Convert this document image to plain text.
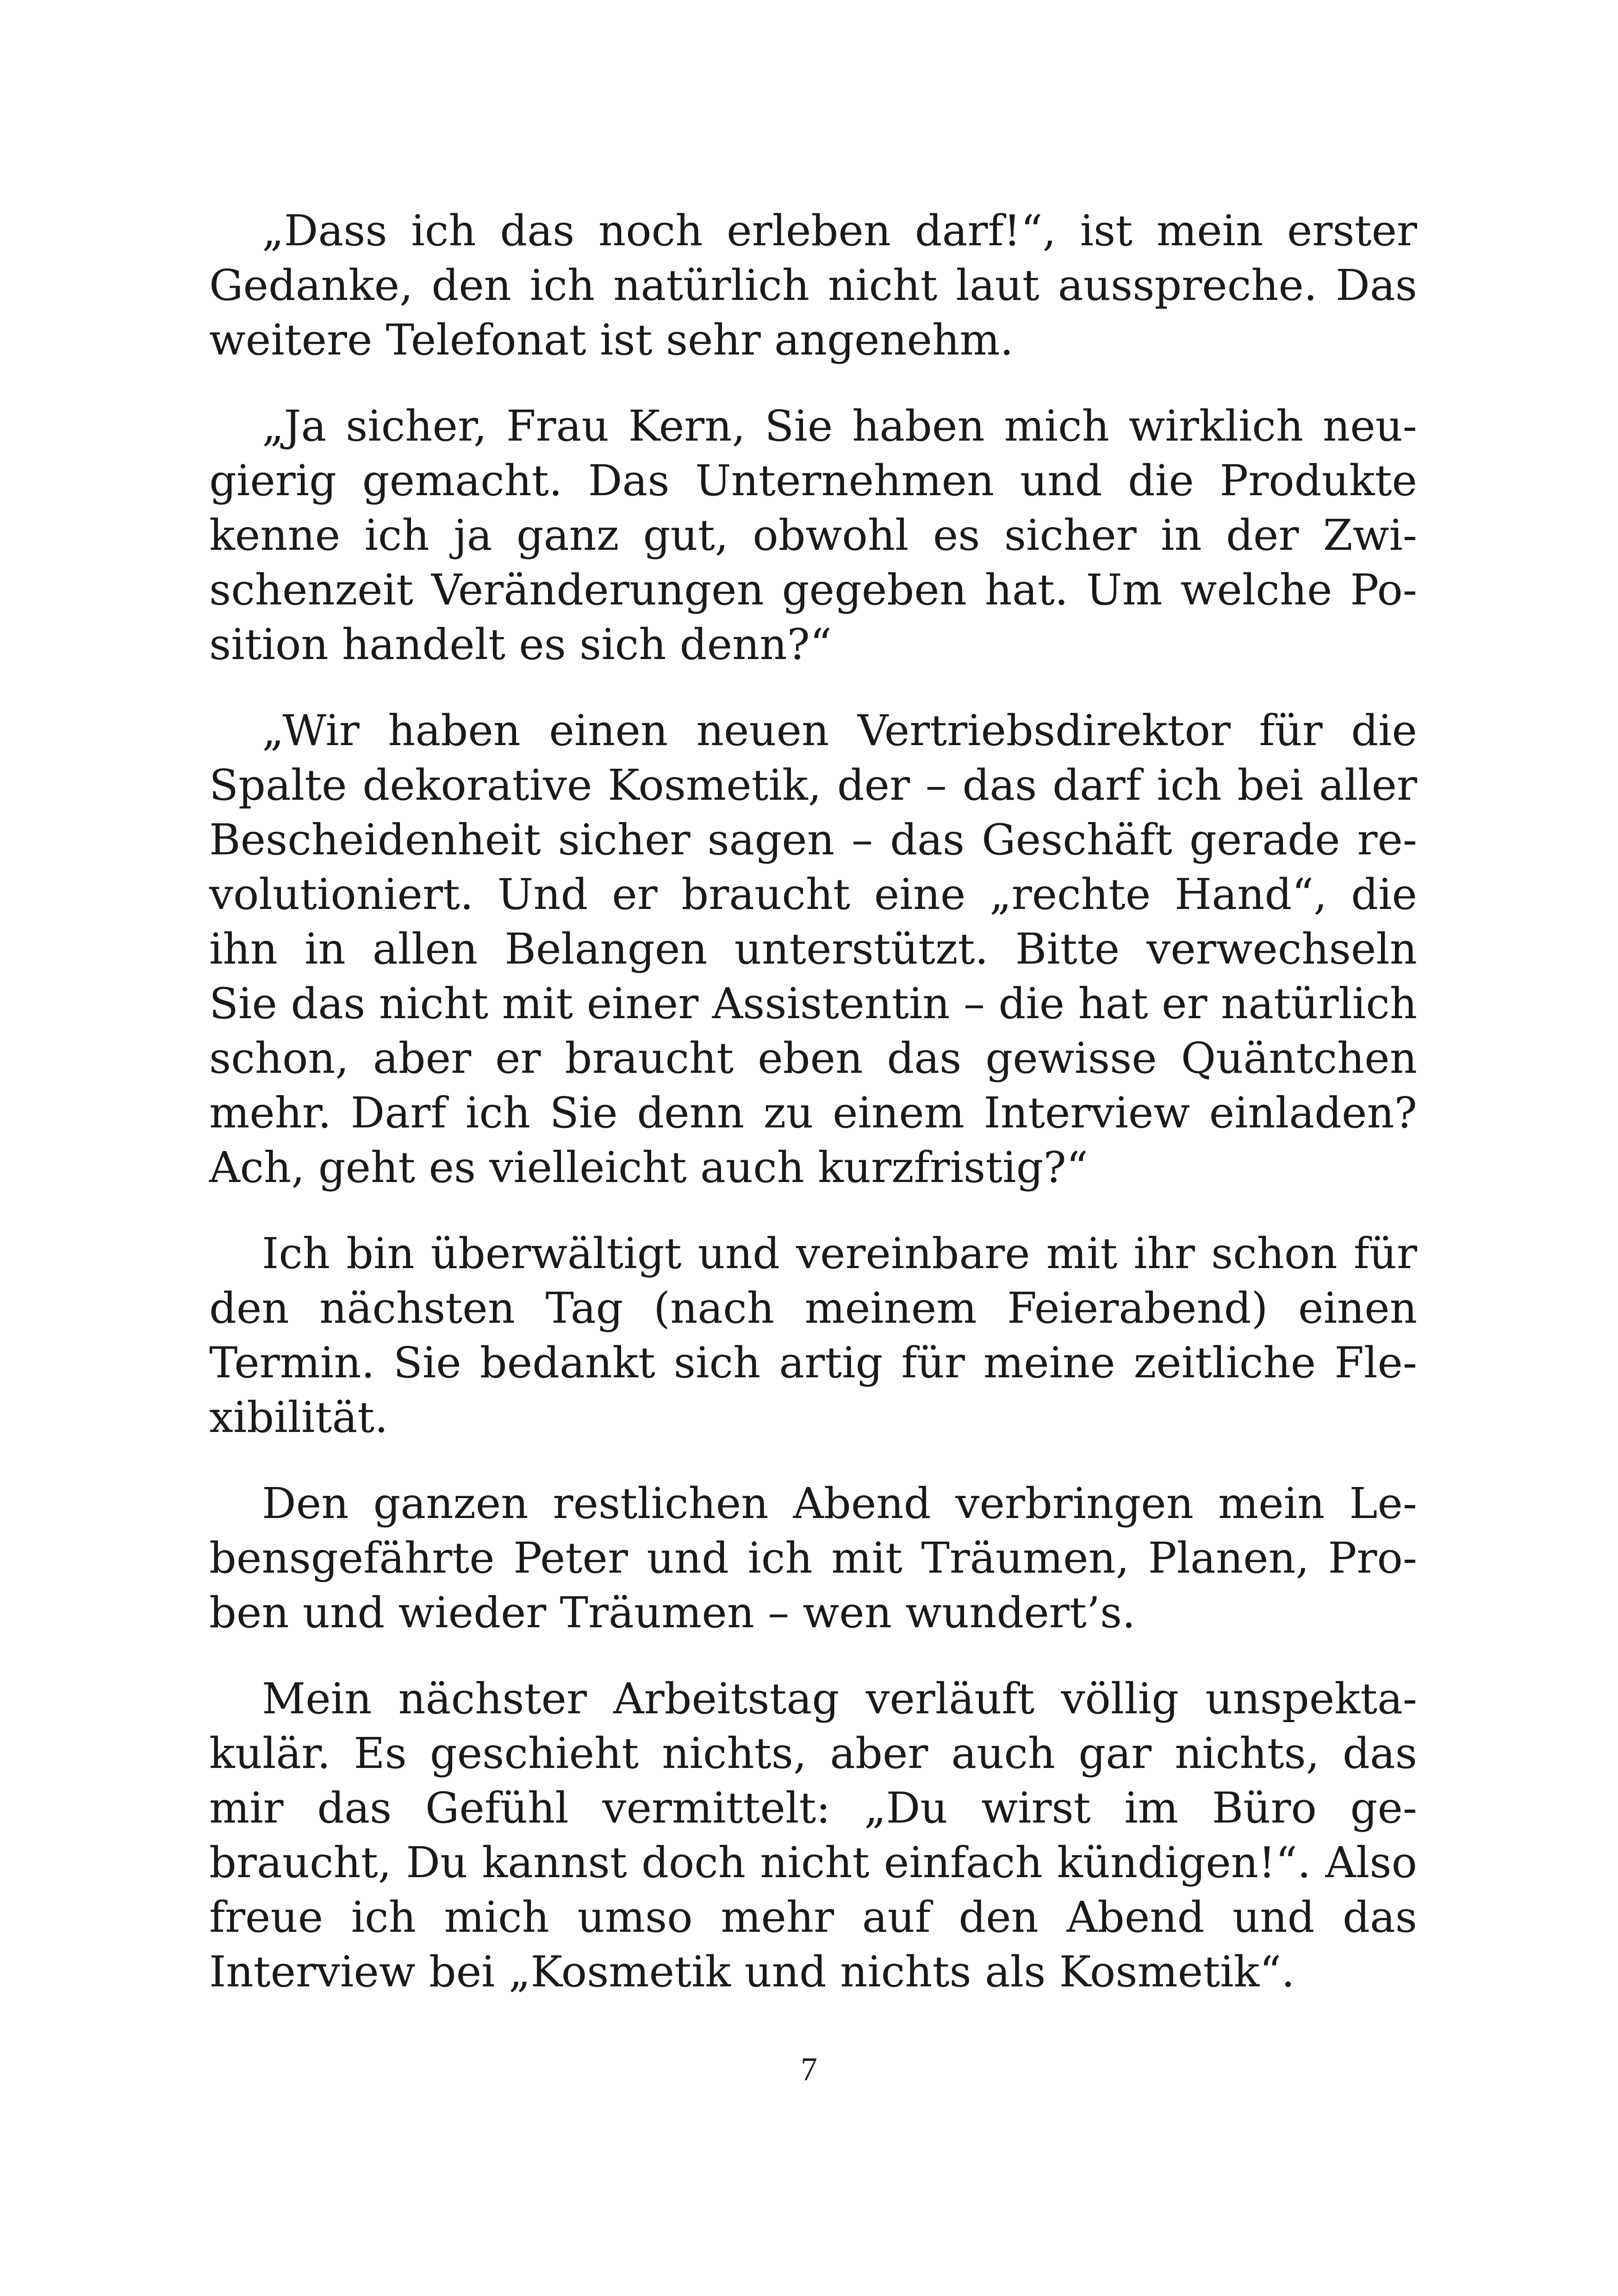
„Dass ich das noch erleben darf!“, ist mein erster Gedanke, den ich natürlich nicht laut ausspreche. Das weitere Telefonat ist sehr angenehm.

„Ja sicher, Frau Kern, Sie haben mich wirklich neugierig gemacht. Das Unternehmen und die Produkte kenne ich ja ganz gut, obwohl es sicher in der Zwischenzeit Veränderungen gegeben hat. Um welche Position handelt es sich denn?“

„Wir haben einen neuen Vertriebsdirektor für die Spalte dekorative Kosmetik, der – das darf ich bei aller Bescheidenheit sicher sagen – das Geschäft gerade revolutioniert. Und er braucht eine „rechte Hand“, die ihn in allen Belangen unterstützt. Bitte verwechseln Sie das nicht mit einer Assistentin – die hat er natürlich schon, aber er braucht eben das gewisse Quäntchen mehr. Darf ich Sie denn zu einem Interview einladen? Ach, geht es vielleicht auch kurzfristig?“

Ich bin überwältigt und vereinbare mit ihr schon für den nächsten Tag (nach meinem Feierabend) einen Termin. Sie bedankt sich artig für meine zeitliche Flexibilität.

Den ganzen restlichen Abend verbringen mein Lebensgefährte Peter und ich mit Träumen, Planen, Proben und wieder Träumen – wen wundert’s.

Mein nächster Arbeitstag verläuft völlig unspektakulär. Es geschieht nichts, aber auch gar nichts, das mir das Gefühl vermittelt: „Du wirst im Büro gebraucht, Du kannst doch nicht einfach kündigen!“. Also freue ich mich umso mehr auf den Abend und das Interview bei „Kosmetik und nichts als Kosmetik“.

7
